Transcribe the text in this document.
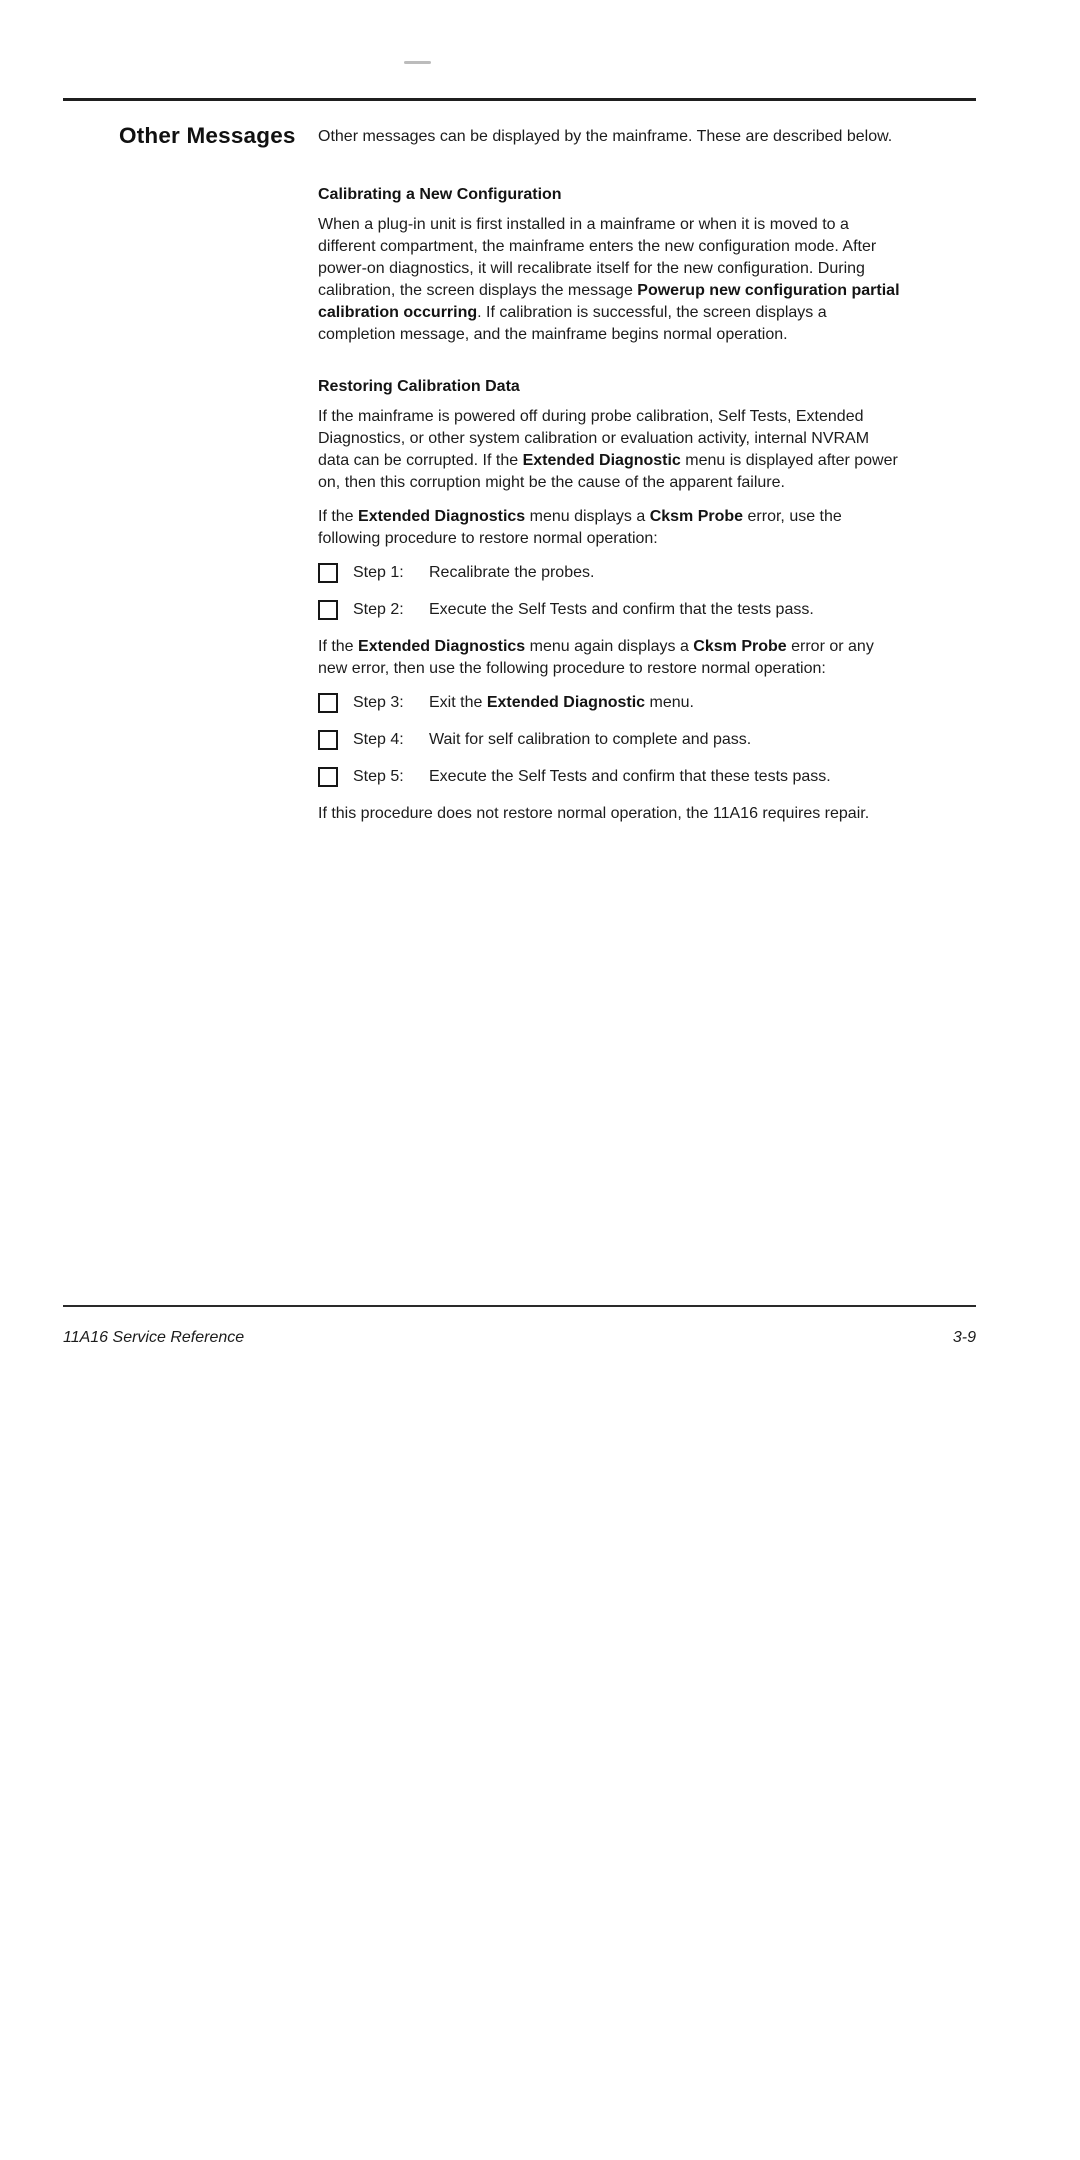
Other Messages Other messages can be displayed by the mainframe. These are described below.

Calibrating a New Configuration

When a plug-in unit is first installed in a mainframe or when it is moved to a
different compartment, the mainframe enters the new configuration mode. After
power-on diagnostics, it will recalibrate itself for the new configuration. During
calibration, the screen displays the message Powerup new configuration partial
calibration occurring. If calibration is successful, the screen displays a
completion message, and the mainframe begins normal operation.

Restoring Calibration Data

If the mainframe is powered off during probe calibration, Self Tests, Extended
Diagnostics, or other system calibration or evaluation activity, internal NVRAM
data can be corrupted. If the Extended Diagnostic menu is displayed after power
on, then this corruption might be the cause of the apparent failure.

If the Extended Diagnostics menu displays a Cksm Probe error, use the
following procedure to restore normal operation:

Step 1:	Recalibrate the probes.
Step 2:	Execute the Self Tests and confirm that the tests pass.

If the Extended Diagnostics menu again displays a Cksm Probe error or any
new error, then use the following procedure to restore normal operation:

Step 3:	Exit the Extended Diagnostic menu.
Step 4:	Wait for self calibration to complete and pass.
Step 5:	Execute the Self Tests and confirm that these tests pass.

If this procedure does not restore normal operation, the 11A16 requires repair.

11A16 Service Reference	3-9
